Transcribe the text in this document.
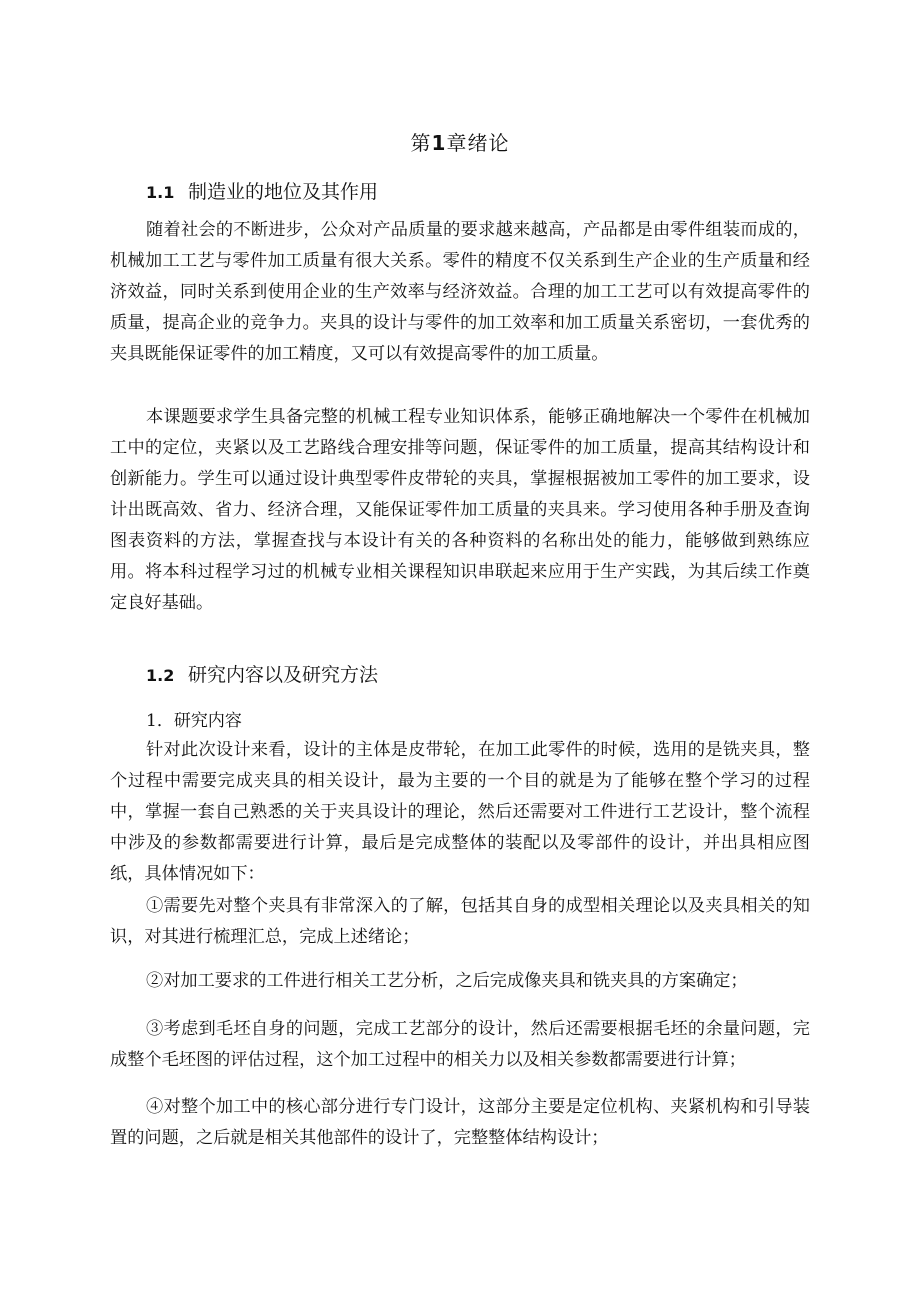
第1章绪论
1.1 制造业的地位及其作用
随着社会的不断进步，公众对产品质量的要求越来越高，产品都是由零件组装而成的，机械加工工艺与零件加工质量有很大关系。零件的精度不仅关系到生产企业的生产质量和经济效益，同时关系到使用企业的生产效率与经济效益。合理的加工工艺可以有效提高零件的质量，提高企业的竞争力。夹具的设计与零件的加工效率和加工质量关系密切，一套优秀的夹具既能保证零件的加工精度，又可以有效提高零件的加工质量。
本课题要求学生具备完整的机械工程专业知识体系，能够正确地解决一个零件在机械加工中的定位，夹紧以及工艺路线合理安排等问题，保证零件的加工质量，提高其结构设计和创新能力。学生可以通过设计典型零件皮带轮的夹具，掌握根据被加工零件的加工要求，设计出既高效、省力、经济合理，又能保证零件加工质量的夹具来。学习使用各种手册及查询图表资料的方法，掌握查找与本设计有关的各种资料的名称出处的能力，能够做到熟练应用。将本科过程学习过的机械专业相关课程知识串联起来应用于生产实践，为其后续工作奠定良好基础。
1.2 研究内容以及研究方法
1．研究内容
针对此次设计来看，设计的主体是皮带轮，在加工此零件的时候，选用的是铣夹具，整个过程中需要完成夹具的相关设计，最为主要的一个目的就是为了能够在整个学习的过程中，掌握一套自己熟悉的关于夹具设计的理论，然后还需要对工件进行工艺设计，整个流程中涉及的参数都需要进行计算，最后是完成整体的装配以及零部件的设计，并出具相应图纸，具体情况如下：
①需要先对整个夹具有非常深入的了解，包括其自身的成型相关理论以及夹具相关的知识，对其进行梳理汇总，完成上述绪论；
②对加工要求的工件进行相关工艺分析，之后完成像夹具和铣夹具的方案确定；
③考虑到毛坯自身的问题，完成工艺部分的设计，然后还需要根据毛坯的余量问题，完成整个毛坯图的评估过程，这个加工过程中的相关力以及相关参数都需要进行计算；
④对整个加工中的核心部分进行专门设计，这部分主要是定位机构、夹紧机构和引导装置的问题，之后就是相关其他部件的设计了，完整整体结构设计；
